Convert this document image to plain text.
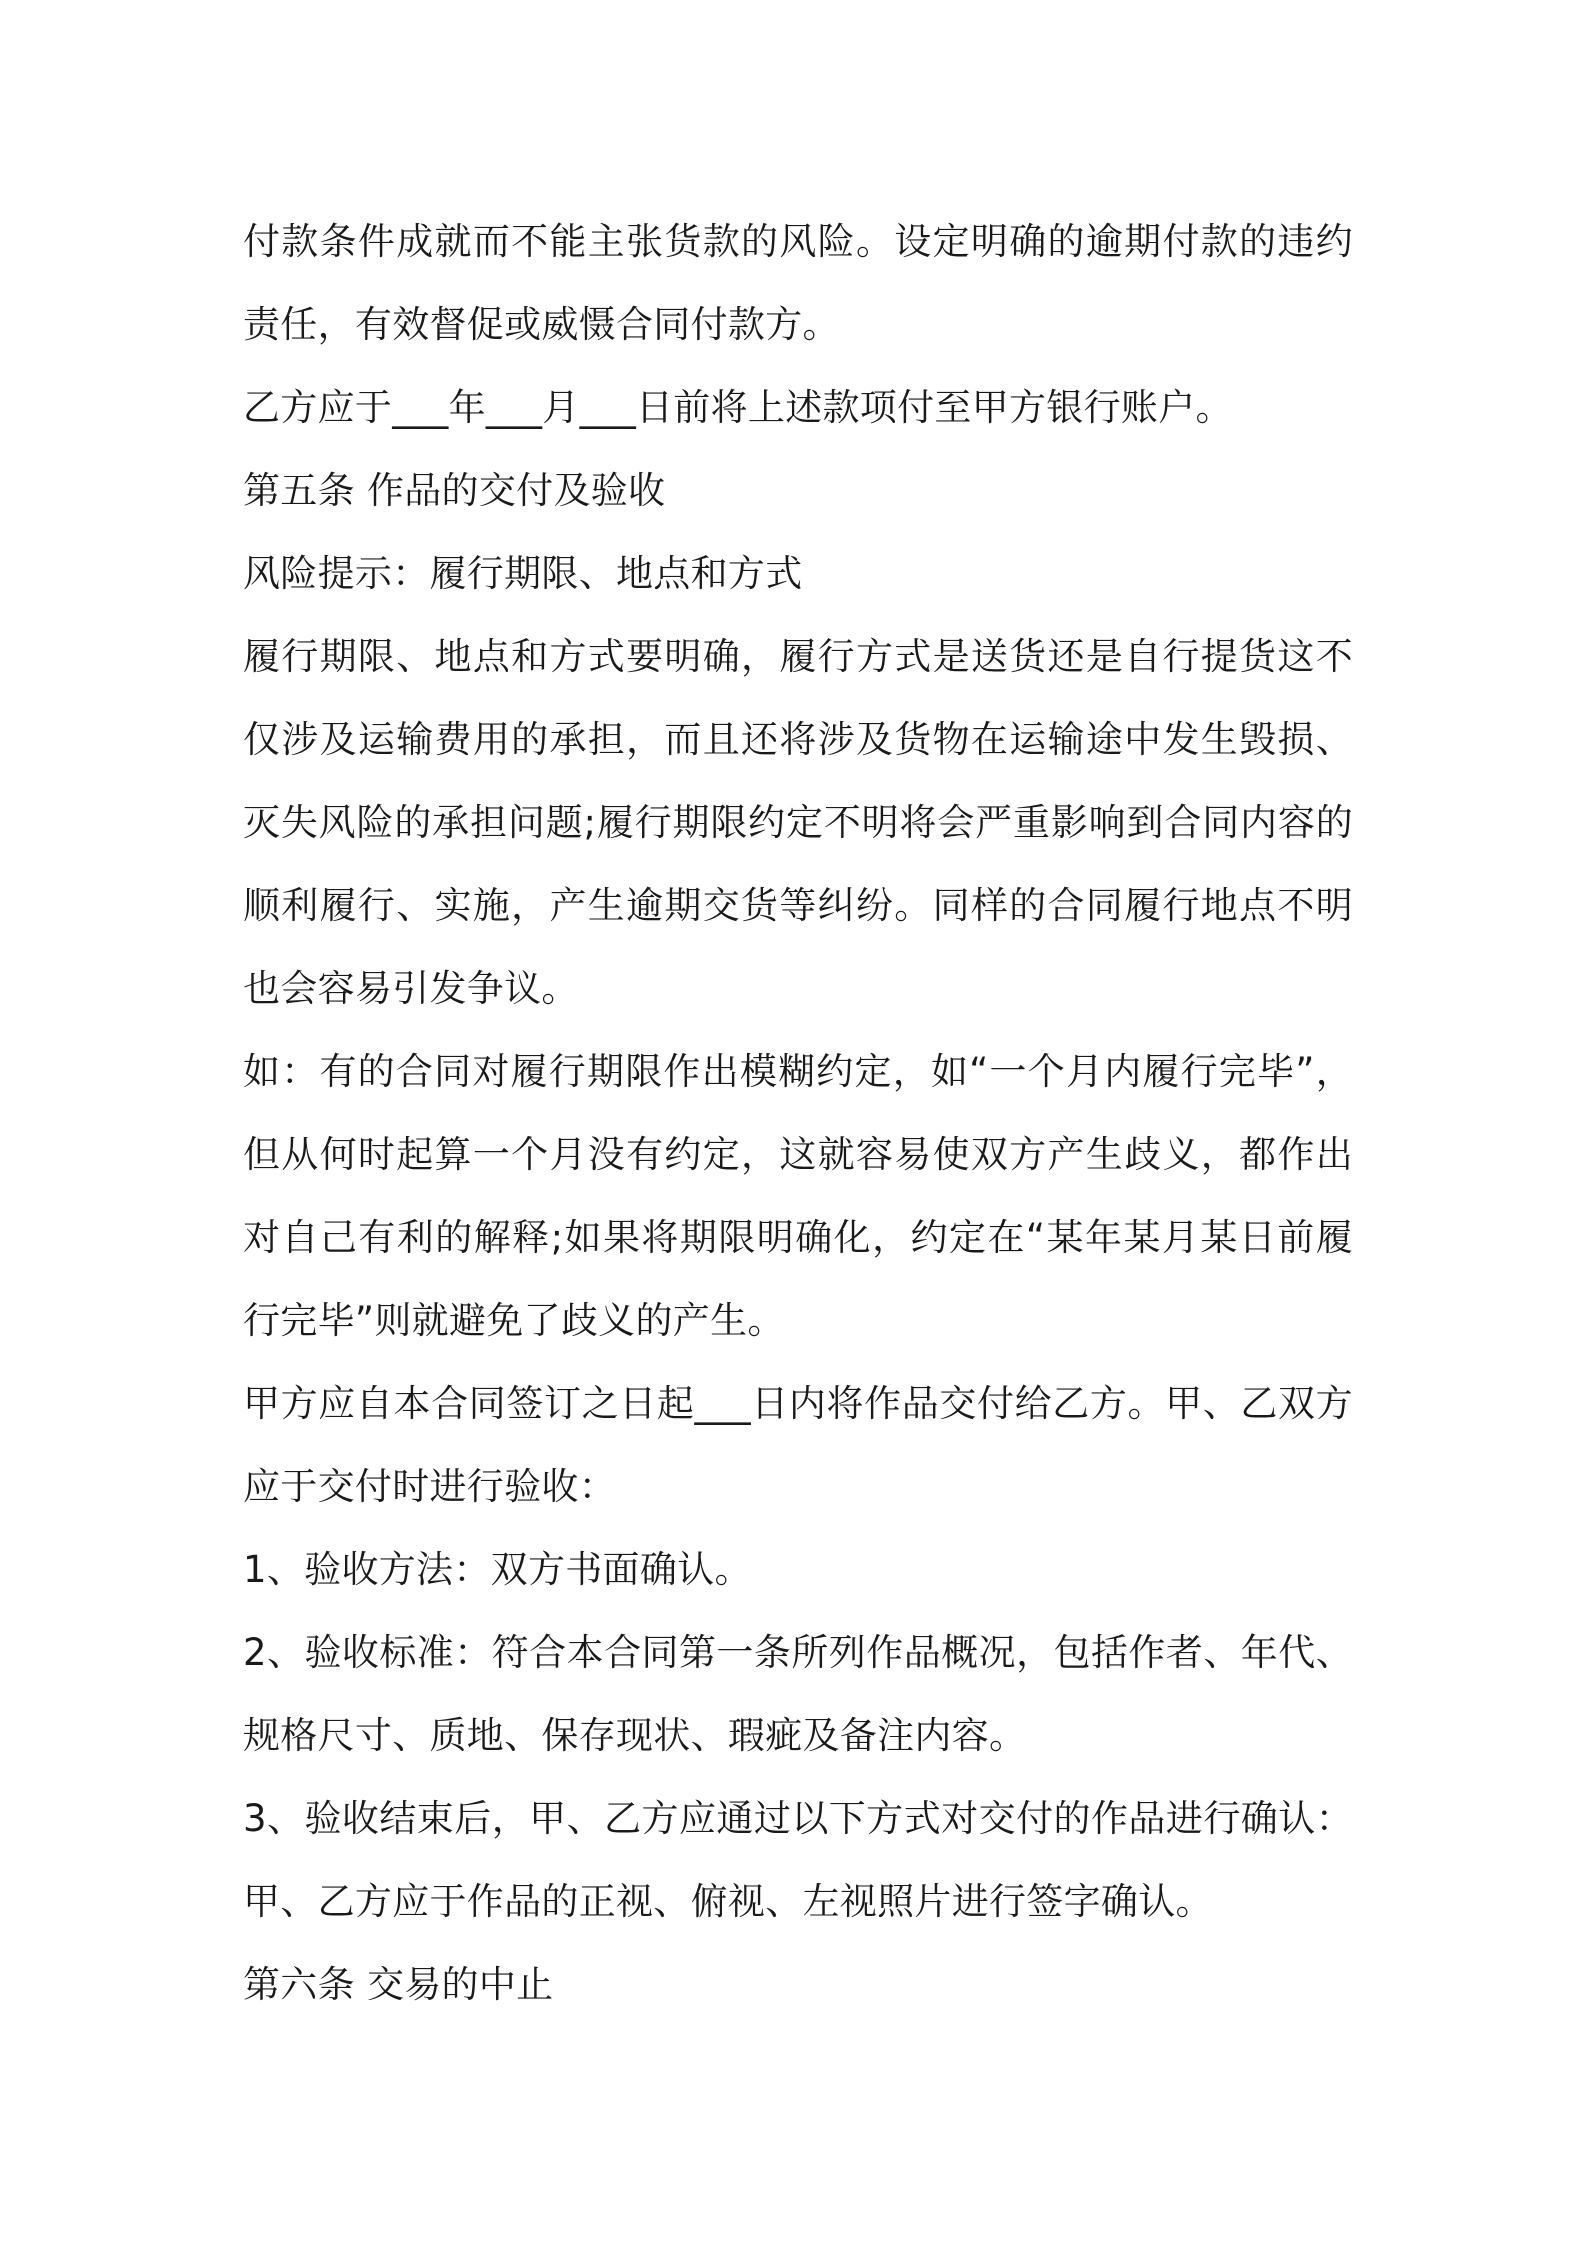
付款条件成就而不能主张货款的风险。设定明确的逾期付款的违约责任，有效督促或威慑合同付款方。

乙方应于___年___月___日前将上述款项付至甲方银行账户。

第五条 作品的交付及验收

风险提示：履行期限、地点和方式

履行期限、地点和方式要明确，履行方式是送货还是自行提货这不仅涉及运输费用的承担，而且还将涉及货物在运输途中发生毁损、灭失风险的承担问题;履行期限约定不明将会严重影响到合同内容的顺利履行、实施，产生逾期交货等纠纷。同样的合同履行地点不明也会容易引发争议。

如：有的合同对履行期限作出模糊约定，如“一个月内履行完毕”，但从何时起算一个月没有约定，这就容易使双方产生歧义，都作出对自己有利的解释;如果将期限明确化，约定在“某年某月某日前履行完毕”则就避免了歧义的产生。

甲方应自本合同签订之日起___日内将作品交付给乙方。甲、乙双方应于交付时进行验收：

1、验收方法：双方书面确认。

2、验收标准：符合本合同第一条所列作品概况，包括作者、年代、规格尺寸、质地、保存现状、瑕疵及备注内容。

3、验收结束后，甲、乙方应通过以下方式对交付的作品进行确认：甲、乙方应于作品的正视、俯视、左视照片进行签字确认。

第六条 交易的中止
